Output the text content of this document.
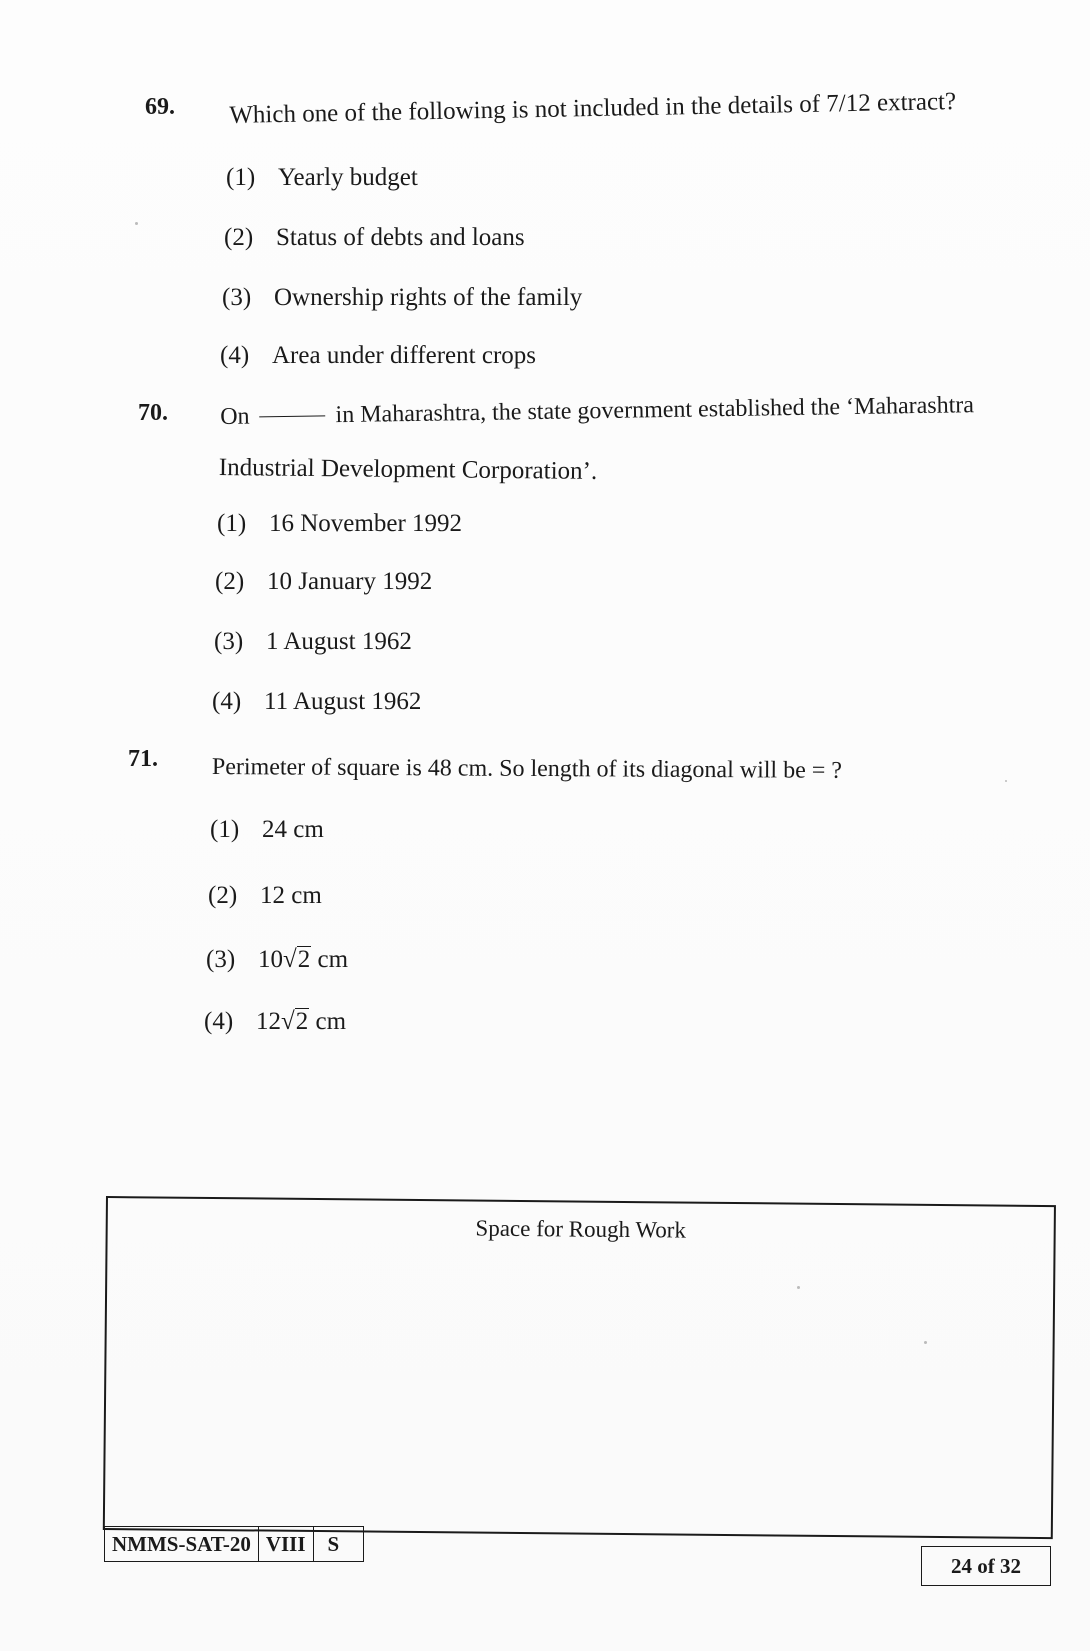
69. Which one of the following is not included in the details of 7/12 extract?
(1) Yearly budget
(2) Status of debts and loans
(3) Ownership rights of the family
(4) Area under different crops
70. On	in Maharashtra, the state government established the ‘Maharashtra
Industrial Development Corporation’.
(1) 16 November 1992
(2) 10 January 1992
(3) 1 August 1962
(4) 11 August 1962
71. Perimeter of square is 48 cm. So length of its diagonal will be = ?
(1) 24 cm
(2) 12 cm
(3) 10√2 cm
(4) 12√2 cm
Space for Rough Work
NMMS-SAT-20 VIII	S
24 of 32
